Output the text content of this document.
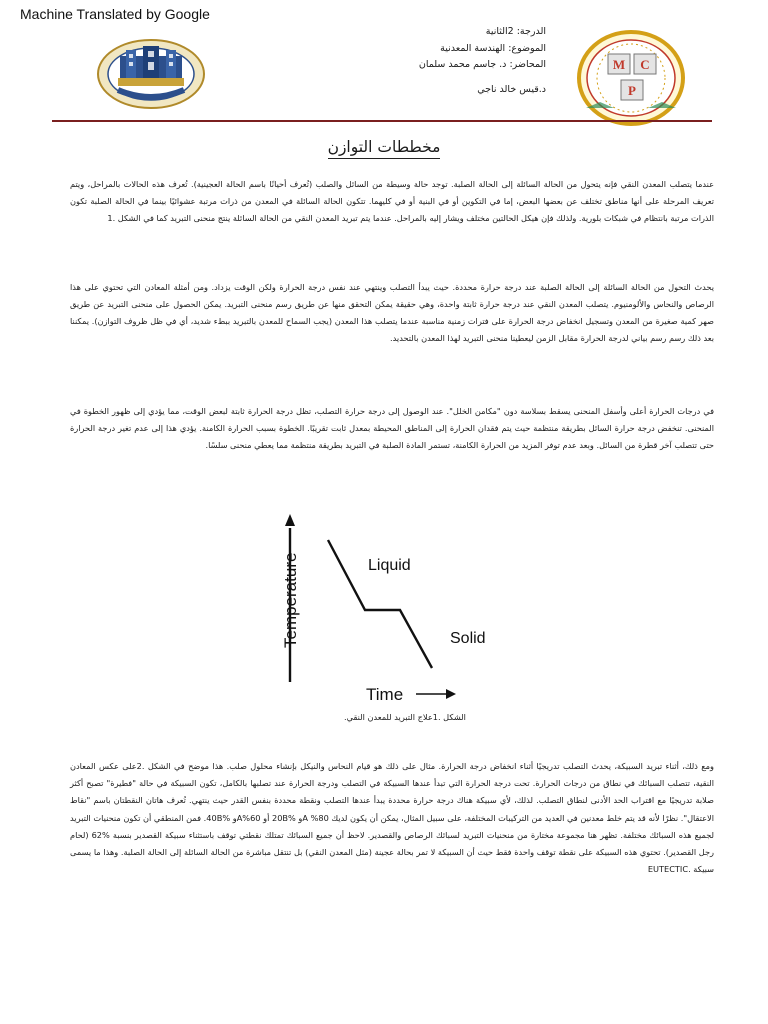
Machine Translated by Google
الدرجة: 2الثانية
الموضوع: الهندسة المعدنية
المحاضر: د. جاسم محمد سلمان
د.قيس خالد ناجي
M
P
C
مخططات التوازن
عندما يتصلب المعدن النقي فإنه يتحول من الحالة السائلة إلى الحالة الصلبة. توجد حالة وسيطة من السائل والصلب (تُعرف أحيانًا باسم الحالة العجينية). تُعرف هذه الحالات بالمراحل، ويتم تعريف المرحلة على أنها مناطق تختلف عن بعضها البعض، إما في التكوين أو في البنية أو في كليهما. تتكون الحالة السائلة في المعدن من ذرات مرتبة عشوائيًا بينما في الحالة الصلبة تكون الذرات مرتبة بانتظام في شبكات بلورية. ولذلك فإن هيكل الحالتين مختلف ويشار إليه بالمراحل. عندما يتم تبريد المعدن النقي من الحالة السائلة ينتج منحنى التبريد كما في الشكل .1
يحدث التحول من الحالة السائلة إلى الحالة الصلبة عند درجة حرارة محددة. حيث يبدأ التصلب وينتهي عند نفس درجة الحرارة ولكن الوقت يزداد. ومن أمثلة المعادن التي تحتوي على هذا الرصاص والنحاس والألومنيوم. يتصلب المعدن النقي عند درجة حرارة ثابتة واحدة، وهي حقيقة يمكن التحقق منها عن طريق رسم منحنى التبريد. يمكن الحصول على منحنى التبريد عن طريق صهر كمية صغيرة من المعدن وتسجيل انخفاض درجة الحرارة على فترات زمنية مناسبة عندما يتصلب هذا المعدن (يجب السماح للمعدن بالتبريد ببطء شديد، أي في ظل ظروف التوازن). يمكننا بعد ذلك رسم رسم بياني لدرجة الحرارة مقابل الزمن ليعطينا منحنى التبريد لهذا المعدن بالتحديد.
في درجات الحرارة أعلى وأسفل المنحنى يسقط بسلاسة دون "مكامن الخلل". عند الوصول إلى درجة حرارة التصلب، تظل درجة الحرارة ثابتة لبعض الوقت، مما يؤدي إلى ظهور الخطوة في المنحنى. تنخفض درجة حرارة السائل بطريقة منتظمة حيث يتم فقدان الحرارة إلى المناطق المحيطة بمعدل ثابت تقريبًا. الخطوة بسبب الحرارة الكامنة. يؤدي هذا إلى عدم تغير درجة الحرارة حتى تتصلب آخر قطرة من السائل. وبعد عدم توفر المزيد من الحرارة الكامنة، تستمر المادة الصلبة في التبريد بطريقة منتظمة مما يعطي منحنى سلسًا.
Temperature
Time
Liquid
Solid
الشكل .1علاج التبريد للمعدن النقي.
ومع ذلك، أثناء تبريد السبيكة، يحدث التصلب تدريجيًا أثناء انخفاض درجة الحرارة. مثال على ذلك هو قيام النحاس والنيكل بإنشاء محلول صلب. هذا موضح في الشكل .2على عكس المعادن النقية، تتصلب السبائك في نطاق من درجات الحرارة. تحت درجة الحرارة التي تبدأ عندها السبيكة في التصلب ودرجة الحرارة عند تصلبها بالكامل، تكون السبيكة في حالة "فطيرة" تصبح أكثر صلابة تدريجيًا مع اقتراب الحد الأدنى لنطاق التصلب. لذلك، لأي سبيكة هناك درجة حرارة محددة يبدأ عندها التصلب ونقطة محددة بنفس القدر حيث ينتهي. تُعرف هاتان النقطتان باسم "نقاط الاعتقال". نظرًا لأنه قد يتم خلط معدنين في العديد من التركيبات المختلفة، على سبيل المثال، يمكن أن يكون لديك A %80و %20B أو A%60و %40B. فمن المنطقي أن تكون منحنيات التبريد لجميع هذه السبائك مختلفة. تظهر هنا مجموعة مختارة من منحنيات التبريد لسبائك الرصاص والقصدير. لاحظ أن جميع السبائك تمتلك نقطتي توقف باستثناء سبيكة القصدير بنسبة %62 (لحام رجل القصدير). تحتوي هذه السبيكة على نقطة توقف واحدة فقط حيث أن السبيكة لا تمر بحالة عجينة (مثل المعدن النقي) بل تنتقل مباشرة من الحالة السائلة إلى الحالة الصلبة. وهذا ما يسمى سبيكة .EUTECTIC
